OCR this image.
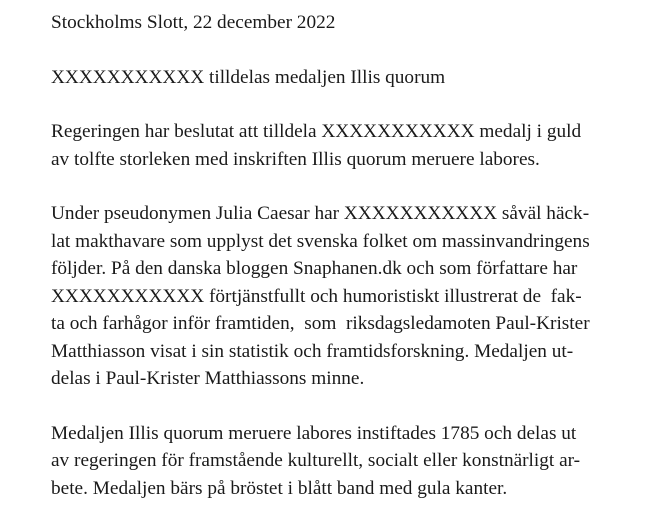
Stockholms Slott, 22 december 2022
XXXXXXXXXXX tilldelas medaljen Illis quorum
Regeringen har beslutat att tilldela XXXXXXXXXXX medalj i guld
av tolfte storleken med inskriften Illis quorum meruere labores.
Under pseudonymen Julia Caesar har XXXXXXXXXXX såväl häck-
lat makthavare som upplyst det svenska folket om massinvandringens
följder. På den danska bloggen Snaphanen.dk och som författare har
XXXXXXXXXXX förtjänstfullt och humoristiskt illustrerat de  fak-
ta och farhågor inför framtiden,  som  riksdagsledamoten Paul-Krister
Matthiasson visat i sin statistik och framtidsforskning. Medaljen ut-
delas i Paul-Krister Matthiassons minne.
Medaljen Illis quorum meruere labores instiftades 1785 och delas ut
av regeringen för framstående kulturellt, socialt eller konstnärligt ar-
bete. Medaljen bärs på bröstet i blått band med gula kanter.
